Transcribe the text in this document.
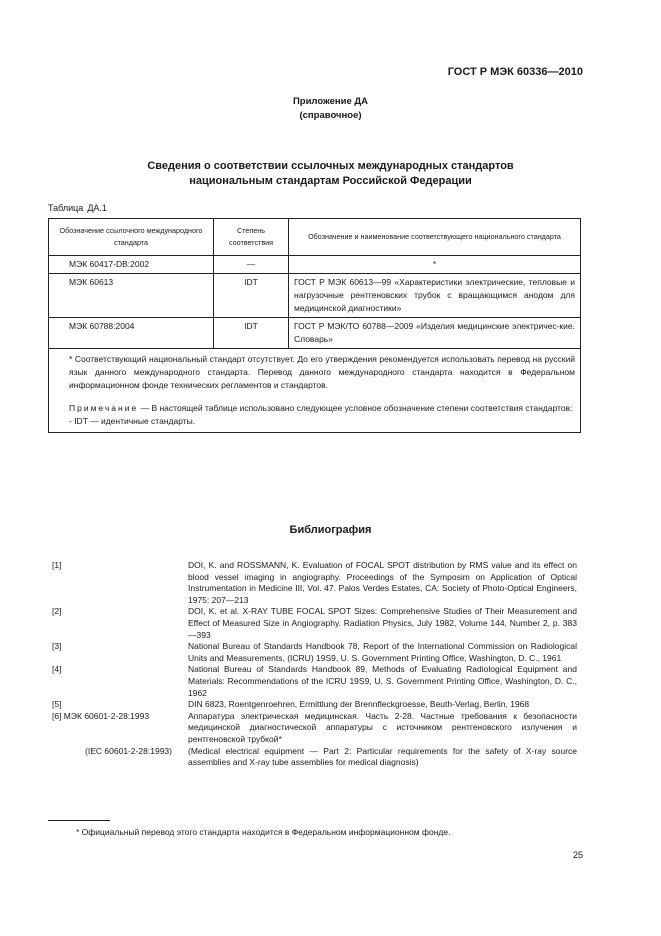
ГОСТ Р МЭК 60336—2010
Приложение ДА
(справочное)
Сведения о соответствии ссылочных международных стандартов
национальным стандартам Российской Федерации
Таблица ДА.1
Обозначение ссылочного международного стандарта	Степень соответствия	Обозначение и наименование соответствующего национального стандарта
МЭК 60417-DB:2002	—	*
МЭК 60613	IDT	ГОСТ Р МЭК 60613—99 «Характеристики электрические, тепловые и нагрузочные рентгеновских трубок с вращающимся анодом для медицинской диагностики»
МЭК 60788:2004	IDT	ГОСТ Р МЭК/ТО 60788—2009 «Изделия медицинские электричес-кие. Словарь»

* Соответствующий национальный стандарт отсутствует. До его утверждения рекомендуется использовать перевод на русский язык данного международного стандарта. Перевод данного международного стандарта находится в Федеральном информационном фонде технических регламентов и стандартов.

Примечание — В настоящей таблице использовано следующее условное обозначение степени соответствия стандартов:

- IDT — идентичные стандарты.		

Библиография
[1]	DOI, K. and ROSSMANN, K. Evaluation of FOCAL SPOT distribution by RMS value and its effect on blood vessel imaging in angiography. Proceedings of the Symposim on Application of Optical Instrumentation in Medicine III, Vol. 47. Palos Verdes Estates, CA: Society of Photo-Optical Engineers, 1975: 207—213
[2]	DOI, K. et al. X-RAY TUBE FOCAL SPOT Sizes: Comprehensive Studies of Their Measurement and Effect of Measured Size in Angiography. Radiation Physics, July 1982, Volume 144, Number 2, p. 383—393
[3]	National Bureau of Standards Handbook 78, Report of the International Commission on Radiological Units and Measurements, (ICRU) 19S9, U. S. Government Printing Office, Washington, D. C., 1961
[4]	National Bureau of Standards Handbook 89, Methods of Evaluating Radiological Equipment and Materials: Recommendations of the ICRU 19S9, U. S. Government Printing Office, Washington, D. C., 1962
[5]	DIN 6823, Roentgenroehren, Ermittlung der Brennfleckgroesse, Beuth-Verlag, Berlin, 1968
[6] МЭК 60601-2-28:1993	Аппаратура электрическая медицинская. Часть 2-28. Частные требования к безопасности медицинской диагностической аппаратуры с источником рентгеновского излучения и рентгеновской трубкой*
(IEC 60601-2-28:1993) (Medical electrical equipment — Part 2: Particular requirements for the safety of X-ray source assemblies and X-ray tube assemblies for medical diagnosis)
* Официальный перевод этого стандарта находится в Федеральном информационном фонде.
25
